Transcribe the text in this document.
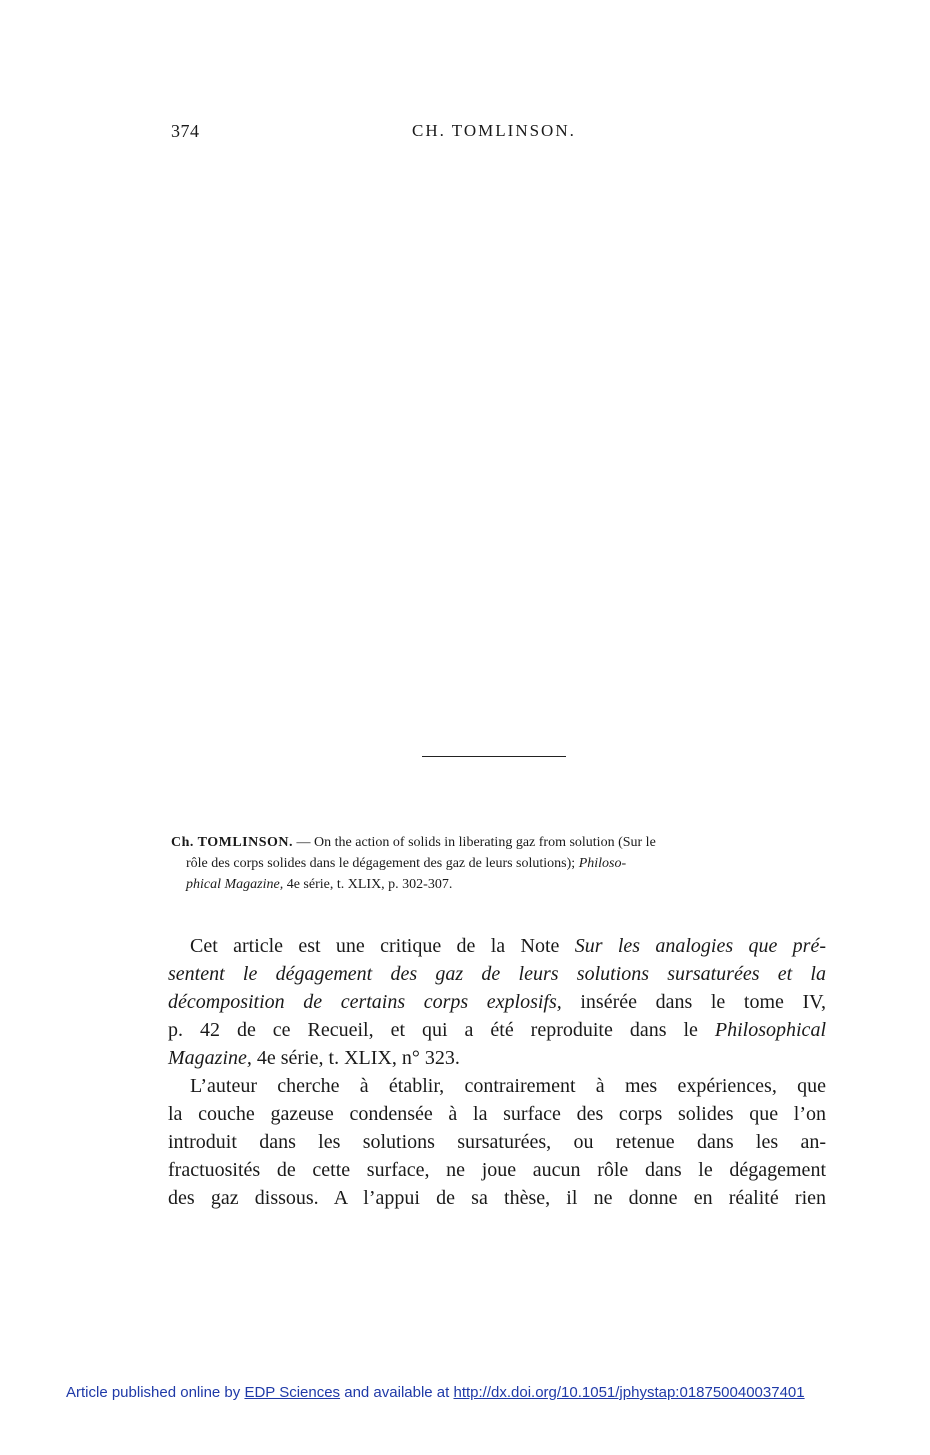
374	CH. TOMLINSON.
Ch. TOMLINSON. — On the action of solids in liberating gaz from solution (Sur le
rôle des corps solides dans le dégagement des gaz de leurs solutions); Philoso-
phical Magazine, 4e série, t. XLIX, p. 302-307.

Cet article est une critique de la Note Sur les analogies que pré-
sentent le dégagement des gaz de leurs solutions sursaturées et la
décomposition de certains corps explosifs, insérée dans le tome IV,
p. 42 de ce Recueil, et qui a été reproduite dans le Philosophical
Magazine, 4e série, t. XLIX, n° 323.

L’auteur cherche à établir, contrairement à mes expériences, que
la couche gazeuse condensée à la surface des corps solides que l’on
introduit dans les solutions sursaturées, ou retenue dans les an-
fractuosités de cette surface, ne joue aucun rôle dans le dégagement
des gaz dissous. A l’appui de sa thèse, il ne donne en réalité rien

Article published online by EDP Sciences and available at http://dx.doi.org/10.1051/jphystap:018750040037401
